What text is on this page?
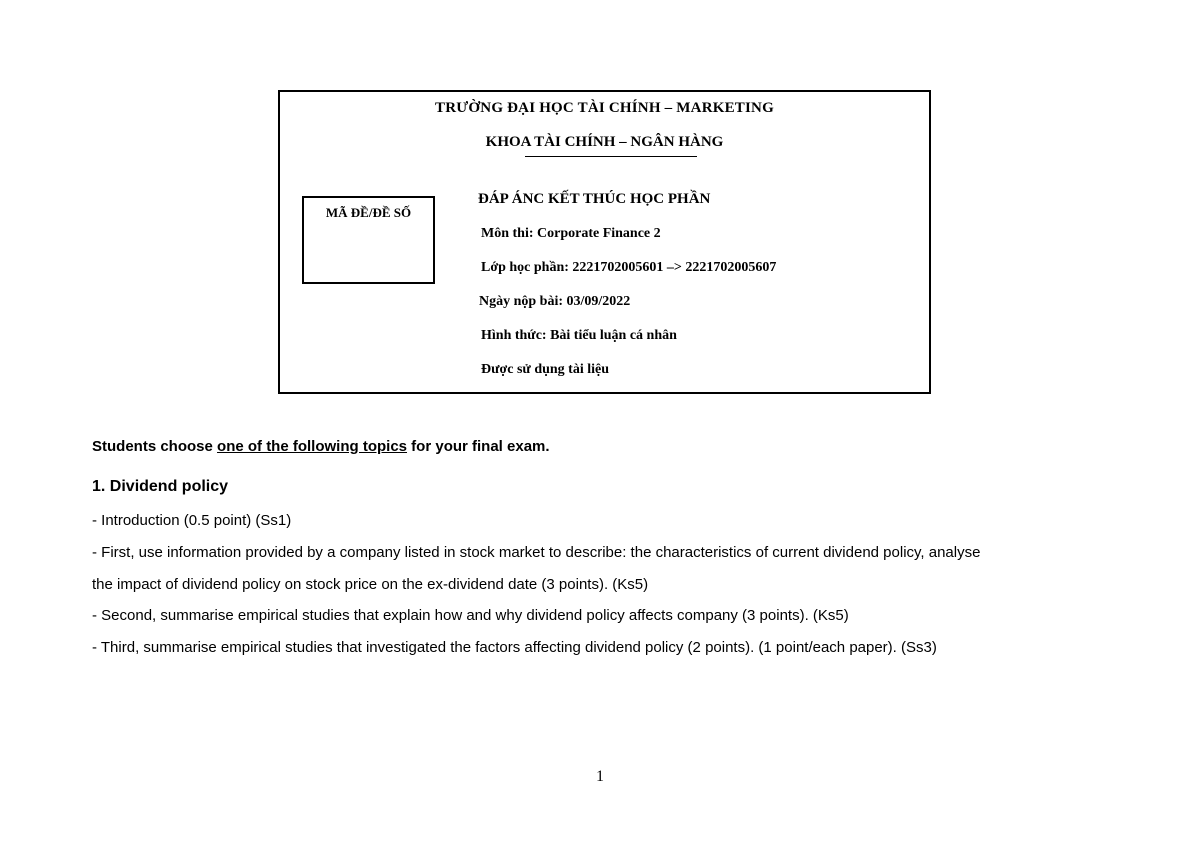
TRƯỜNG ĐẠI HỌC TÀI CHÍNH – MARKETING
KHOA TÀI CHÍNH – NGÂN HÀNG
MÃ ĐỀ/ĐỀ SỐ
ĐÁP ÁNC KẾT THÚC HỌC PHẦN
Môn thi: Corporate Finance 2
Lớp học phần: 2221702005601 –> 2221702005607
Ngày nộp bài: 03/09/2022
Hình thức: Bài tiểu luận cá nhân
Được sử dụng tài liệu
Students choose one of the following topics for your final exam.
1. Dividend policy
- Introduction (0.5 point) (Ss1)
- First, use information provided by a company listed in stock market to describe: the characteristics of current dividend policy, analyse
the impact of dividend policy on stock price on the ex-dividend date (3 points). (Ks5)
- Second, summarise empirical studies that explain how and why dividend policy affects company (3 points). (Ks5)
- Third, summarise empirical studies that investigated the factors affecting dividend policy (2 points). (1 point/each paper). (Ss3)
1
